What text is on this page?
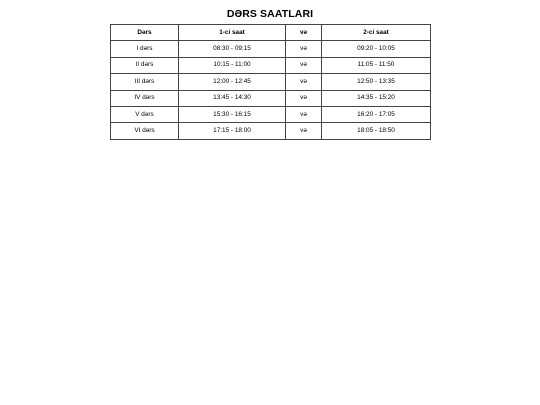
DƏRS SAATLARI
Dərs	1-ci saat	və	2-ci saat
I dərs	08:30 - 09:15	və	09:20 - 10:05
II dərs	10:15 - 11:00	və	11:05 - 11:50
III dərs	12:00 - 12:45	və	12:50 - 13:35
IV dərs	13:45 - 14:30	və	14:35 - 15:20
V dərs	15:30 - 16:15	və	16:20 - 17:05
VI dərs	17:15 - 18:00	və	18:05 - 18:50
